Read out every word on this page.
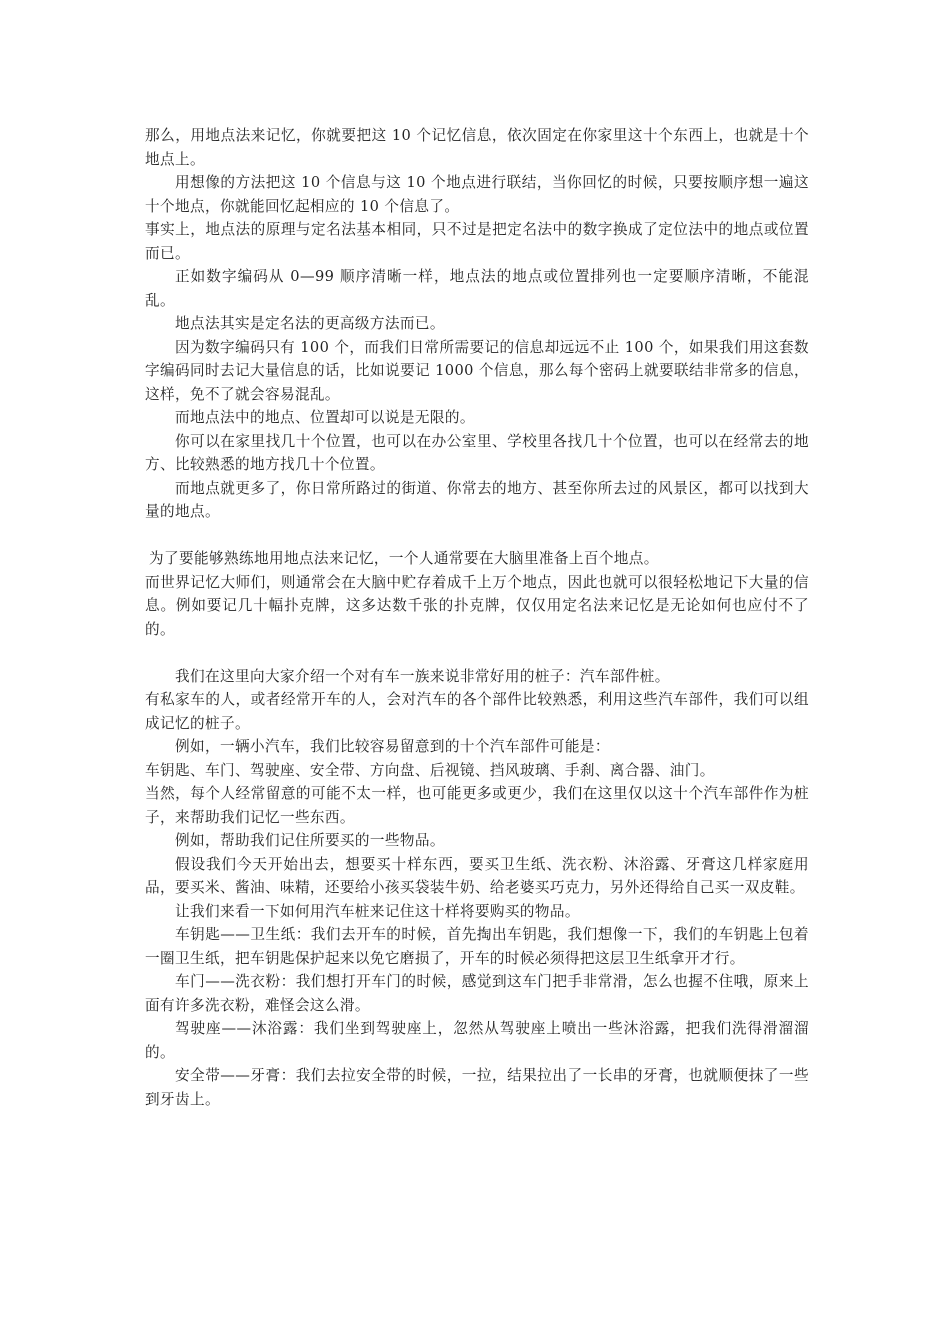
那么，用地点法来记忆，你就要把这 10 个记忆信息，依次固定在你家里这十个东西上，也就是十个地点上。

用想像的方法把这 10 个信息与这 10 个地点进行联结，当你回忆的时候，只要按顺序想一遍这十个地点，你就能回忆起相应的 10 个信息了。

事实上，地点法的原理与定名法基本相同，只不过是把定名法中的数字换成了定位法中的地点或位置而已。

正如数字编码从 0—99 顺序清晰一样，地点法的地点或位置排列也一定要顺序清晰，不能混乱。

地点法其实是定名法的更高级方法而已。

因为数字编码只有 100 个，而我们日常所需要记的信息却远远不止 100 个，如果我们用这套数字编码同时去记大量信息的话，比如说要记 1000 个信息，那么每个密码上就要联结非常多的信息，这样，免不了就会容易混乱。

而地点法中的地点、位置却可以说是无限的。

你可以在家里找几十个位置，也可以在办公室里、学校里各找几十个位置，也可以在经常去的地方、比较熟悉的地方找几十个位置。

而地点就更多了，你日常所路过的街道、你常去的地方、甚至你所去过的风景区，都可以找到大量的地点。

为了要能够熟练地用地点法来记忆，一个人通常要在大脑里准备上百个地点。

而世界记忆大师们，则通常会在大脑中贮存着成千上万个地点，因此也就可以很轻松地记下大量的信息。例如要记几十幅扑克牌，这多达数千张的扑克牌，仅仅用定名法来记忆是无论如何也应付不了的。

我们在这里向大家介绍一个对有车一族来说非常好用的桩子：汽车部件桩。

有私家车的人，或者经常开车的人，会对汽车的各个部件比较熟悉，利用这些汽车部件，我们可以组成记忆的桩子。

例如，一辆小汽车，我们比较容易留意到的十个汽车部件可能是：

车钥匙、车门、驾驶座、安全带、方向盘、后视镜、挡风玻璃、手刹、离合器、油门。

当然，每个人经常留意的可能不太一样，也可能更多或更少，我们在这里仅以这十个汽车部件作为桩子，来帮助我们记忆一些东西。

例如，帮助我们记住所要买的一些物品。

假设我们今天开始出去，想要买十样东西，要买卫生纸、洗衣粉、沐浴露、牙膏这几样家庭用品，要买米、酱油、味精，还要给小孩买袋装牛奶、给老婆买巧克力，另外还得给自己买一双皮鞋。

让我们来看一下如何用汽车桩来记住这十样将要购买的物品。

车钥匙——卫生纸：我们去开车的时候，首先掏出车钥匙，我们想像一下，我们的车钥匙上包着一圈卫生纸，把车钥匙保护起来以免它磨损了，开车的时候必须得把这层卫生纸拿开才行。

车门——洗衣粉：我们想打开车门的时候，感觉到这车门把手非常滑，怎么也握不住哦，原来上面有许多洗衣粉，难怪会这么滑。

驾驶座——沐浴露：我们坐到驾驶座上，忽然从驾驶座上喷出一些沐浴露，把我们洗得滑溜溜的。

安全带——牙膏：我们去拉安全带的时候，一拉，结果拉出了一长串的牙膏，也就顺便抹了一些到牙齿上。
